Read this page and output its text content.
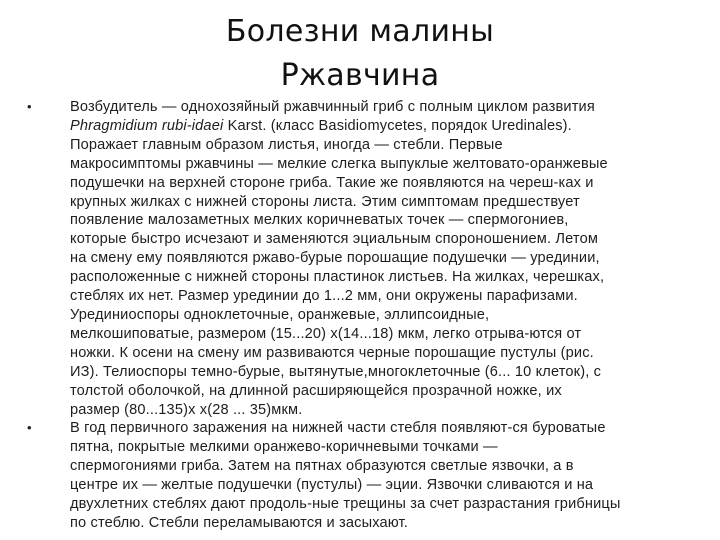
Болезни малины
Ржавчина
•	Возбудитель — однохозяйный ржавчинный гриб с полным циклом развития
Phragmidium rubi-idaei Karst. (класс Basidiomycetes, порядок Uredinales).
Поражает главным образом листья, иногда — стебли. Первые
макросимптомы ржавчины — мелкие слегка выпуклые желтовато-оранжевые
подушечки на верхней стороне гриба. Такие же появляются на череш-ках и
крупных жилках с нижней стороны листа. Этим симптомам предшествует
появление малозаметных мелких коричневатых точек — спермогониев,
которые быстро исчезают и заменяются эциальным спороношением. Летом
на смену ему появляются ржаво-бурые порошащие подушечки — урединии,
расположенные с нижней стороны пластинок листьев. На жилках, черешках,
стеблях их нет. Размер урединии до 1...2 мм, они окружены парафизами.
Урединиоспоры одноклеточные, оранжевые, эллипсоидные,
мелкошиповатые, размером (15...20) х(14...18) мкм, легко отрыва-ются от
ножки. К осени на смену им развиваются черные порошащие пустулы (рис.
ИЗ). Телиоспоры темно-бурые, вытянутые,многоклеточные (6... 10 клеток), с
толстой оболочкой, на длинной расширяющейся прозрачной ножке, их
размер (80...135)х х(28 ... 35)мкм.
•	В год первичного заражения на нижней части стебля появляют-ся буроватые
пятна, покрытые мелкими оранжево-коричневыми точками —
спермогониями гриба. Затем на пятнах образуются светлые язвочки, а в
центре их — желтые подушечки (пустулы) — эции. Язвочки сливаются и на
двухлетних стеблях дают продоль-ные трещины за счет разрастания грибницы
по стеблю. Стебли переламываются и засыхают.
